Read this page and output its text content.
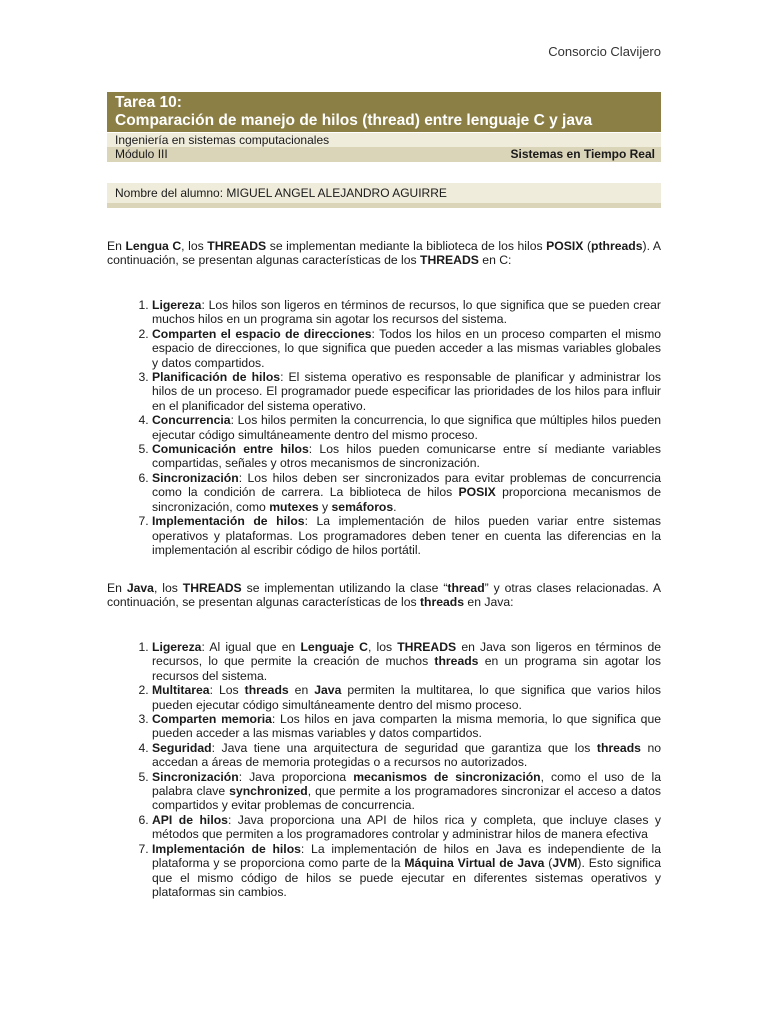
Consorcio Clavijero
Tarea 10:
Comparación de manejo de hilos (thread) entre lenguaje C y java
Ingeniería en sistemas computacionales
Módulo III	Sistemas en Tiempo Real
Nombre del alumno: MIGUEL ANGEL ALEJANDRO AGUIRRE

En Lengua C, los THREADS se implementan mediante la biblioteca de los hilos POSIX (pthreads). A continuación, se presentan algunas características de los THREADS en C:

1. Ligereza: Los hilos son ligeros en términos de recursos, lo que significa que se pueden crear muchos hilos en un programa sin agotar los recursos del sistema.
2. Comparten el espacio de direcciones: Todos los hilos en un proceso comparten el mismo espacio de direcciones, lo que significa que pueden acceder a las mismas variables globales y datos compartidos.
3. Planificación de hilos: El sistema operativo es responsable de planificar y administrar los hilos de un proceso. El programador puede especificar las prioridades de los hilos para influir en el planificador del sistema operativo.
4. Concurrencia: Los hilos permiten la concurrencia, lo que significa que múltiples hilos pueden ejecutar código simultáneamente dentro del mismo proceso.
5. Comunicación entre hilos: Los hilos pueden comunicarse entre sí mediante variables compartidas, señales y otros mecanismos de sincronización.
6. Sincronización: Los hilos deben ser sincronizados para evitar problemas de concurrencia como la condición de carrera. La biblioteca de hilos POSIX proporciona mecanismos de sincronización, como mutexes y semáforos.
7. Implementación de hilos: La implementación de hilos pueden variar entre sistemas operativos y plataformas. Los programadores deben tener en cuenta las diferencias en la implementación al escribir código de hilos portátil.

En Java, los THREADS se implementan utilizando la clase “thread” y otras clases relacionadas. A continuación, se presentan algunas características de los threads en Java:

1. Ligereza: Al igual que en Lenguaje C, los THREADS en Java son ligeros en términos de recursos, lo que permite la creación de muchos threads en un programa sin agotar los recursos del sistema.
2. Multitarea: Los threads en Java permiten la multitarea, lo que significa que varios hilos pueden ejecutar código simultáneamente dentro del mismo proceso.
3. Comparten memoria: Los hilos en java comparten la misma memoria, lo que significa que pueden acceder a las mismas variables y datos compartidos.
4. Seguridad: Java tiene una arquitectura de seguridad que garantiza que los threads no accedan a áreas de memoria protegidas o a recursos no autorizados.
5. Sincronización: Java proporciona mecanismos de sincronización, como el uso de la palabra clave synchronized, que permite a los programadores sincronizar el acceso a datos compartidos y evitar problemas de concurrencia.
6. API de hilos: Java proporciona una API de hilos rica y completa, que incluye clases y métodos que permiten a los programadores controlar y administrar hilos de manera efectiva
7. Implementación de hilos: La implementación de hilos en Java es independiente de la plataforma y se proporciona como parte de la Máquina Virtual de Java (JVM). Esto significa que el mismo código de hilos se puede ejecutar en diferentes sistemas operativos y plataformas sin cambios.
